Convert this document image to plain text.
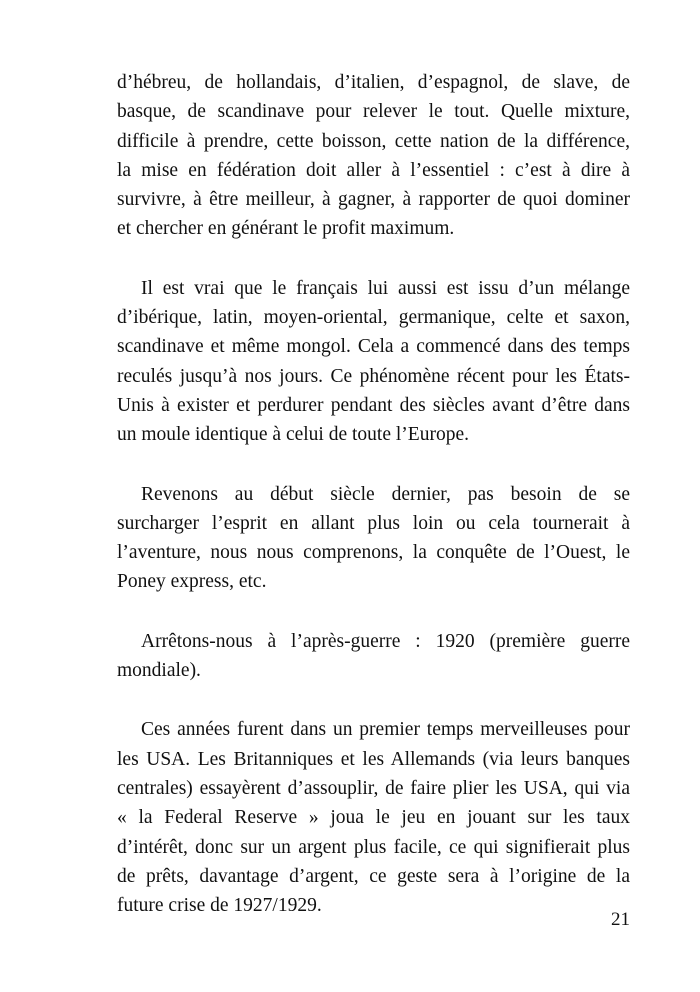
d’hébreu, de hollandais, d’italien, d’espagnol, de slave, de
basque, de scandinave pour relever le tout. Quelle mixture,
difficile à prendre, cette boisson, cette nation de la différence,
la mise en fédération doit aller à l’essentiel : c’est à dire à
survivre, à être meilleur, à gagner, à rapporter de quoi dominer
et chercher en générant le profit maximum.

Il est vrai que le français lui aussi est issu d’un mélange
d’ibérique, latin, moyen-oriental, germanique, celte et saxon,
scandinave et même mongol. Cela a commencé dans des temps
reculés jusqu’à nos jours. Ce phénomène récent pour les États-
Unis à exister et perdurer pendant des siècles avant d’être dans
un moule identique à celui de toute l’Europe.

Revenons au début siècle dernier, pas besoin de se
surcharger l’esprit en allant plus loin ou cela tournerait à
l’aventure, nous nous comprenons, la conquête de l’Ouest, le
Poney express, etc.

Arrêtons-nous à l’après-guerre : 1920 (première guerre
mondiale).

Ces années furent dans un premier temps merveilleuses pour
les USA. Les Britanniques et les Allemands (via leurs banques
centrales) essayèrent d’assouplir, de faire plier les USA, qui via
« la Federal Reserve » joua le jeu en jouant sur les taux
d’intérêt, donc sur un argent plus facile, ce qui signifierait plus
de prêts, davantage d’argent, ce geste sera à l’origine de la
future crise de 1927/1929.

21
